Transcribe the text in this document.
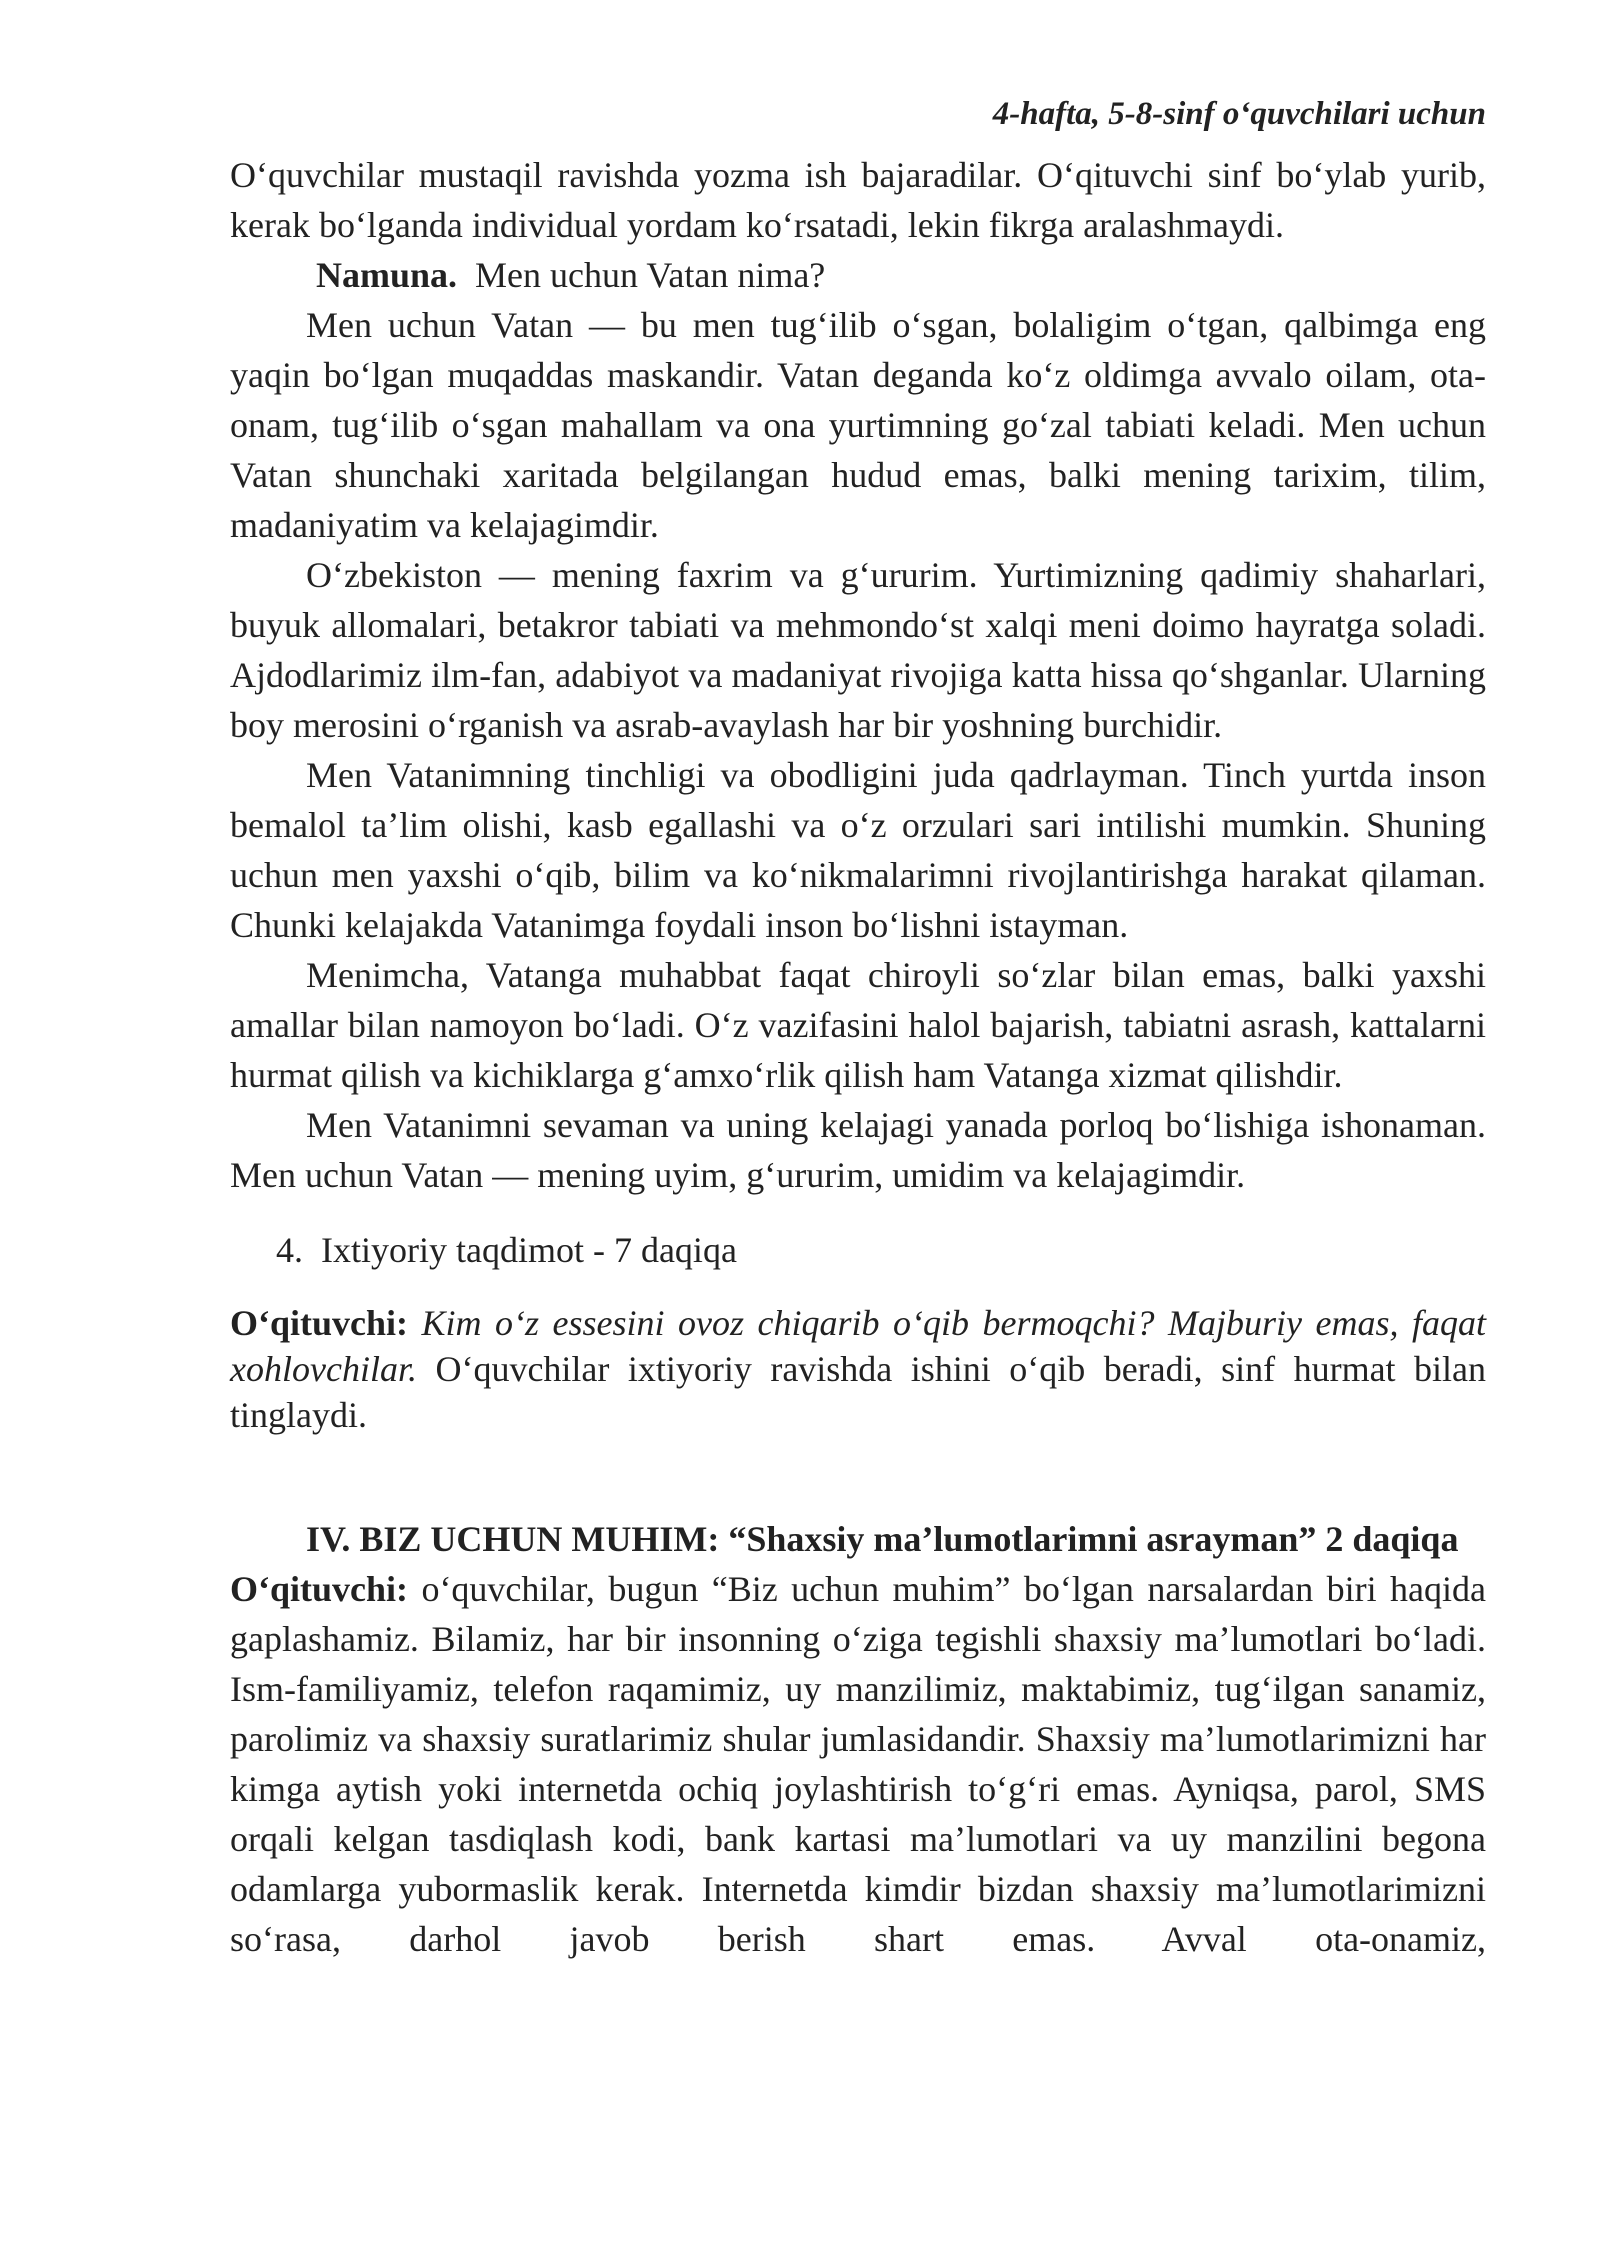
4-hafta, 5-8-sinf o‘quvchilari uchun

O‘quvchilar mustaqil ravishda yozma ish bajaradilar. O‘qituvchi sinf bo‘ylab yurib, kerak bo‘lganda individual yordam ko‘rsatadi, lekin fikrga aralashmaydi.

Namuna. Men uchun Vatan nima?

Men uchun Vatan — bu men tug‘ilib o‘sgan, bolaligim o‘tgan, qalbimga eng yaqin bo‘lgan muqaddas maskandir. Vatan deganda ko‘z oldimga avvalo oilam, ota-onam, tug‘ilib o‘sgan mahallam va ona yurtimning go‘zal tabiati keladi. Men uchun Vatan shunchaki xaritada belgilangan hudud emas, balki mening tarixim, tilim, madaniyatim va kelajagimdir.

O‘zbekiston — mening faxrim va g‘ururim. Yurtimizning qadimiy shaharlari, buyuk allomalari, betakror tabiati va mehmondo‘st xalqi meni doimo hayratga soladi. Ajdodlarimiz ilm-fan, adabiyot va madaniyat rivojiga katta hissa qo‘shganlar. Ularning boy merosini o‘rganish va asrab-avaylash har bir yoshning burchidir.

Men Vatanimning tinchligi va obodligini juda qadrlayman. Tinch yurtda inson bemalol ta’lim olishi, kasb egallashi va o‘z orzulari sari intilishi mumkin. Shuning uchun men yaxshi o‘qib, bilim va ko‘nikmalarimni rivojlantirishga harakat qilaman. Chunki kelajakda Vatanimga foydali inson bo‘lishni istayman.

Menimcha, Vatanga muhabbat faqat chiroyli so‘zlar bilan emas, balki yaxshi amallar bilan namoyon bo‘ladi. O‘z vazifasini halol bajarish, tabiatni asrash, kattalarni hurmat qilish va kichiklarga g‘amxo‘rlik qilish ham Vatanga xizmat qilishdir.

Men Vatanimni sevaman va uning kelajagi yanada porloq bo‘lishiga ishonaman. Men uchun Vatan — mening uyim, g‘ururim, umidim va kelajagimdir.

4. Ixtiyoriy taqdimot - 7 daqiqa

O‘qituvchi: Kim o‘z essesini ovoz chiqarib o‘qib bermoqchi? Majburiy emas, faqat xohlovchilar. O‘quvchilar ixtiyoriy ravishda ishini o‘qib beradi, sinf hurmat bilan tinglaydi.

IV. BIZ UCHUN MUHIM: “Shaxsiy ma’lumotlarimni asrayman” 2 daqiqa

O‘qituvchi: o‘quvchilar, bugun “Biz uchun muhim” bo‘lgan narsalardan biri haqida gaplashamiz. Bilamiz, har bir insonning o‘ziga tegishli shaxsiy ma’lumotlari bo‘ladi. Ism-familiyamiz, telefon raqamimiz, uy manzilimiz, maktabimiz, tug‘ilgan sanamiz, parolimiz va shaxsiy suratlarimiz shular jumlasidandir. Shaxsiy ma’lumotlarimizni har kimga aytish yoki internetda ochiq joylashtirish to‘g‘ri emas. Ayniqsa, parol, SMS orqali kelgan tasdiqlash kodi, bank kartasi ma’lumotlari va uy manzilini begona odamlarga yubormaslik kerak. Internetda kimdir bizdan shaxsiy ma’lumotlarimizni so‘rasa, darhol javob berish shart emas. Avval ota-onamiz,
